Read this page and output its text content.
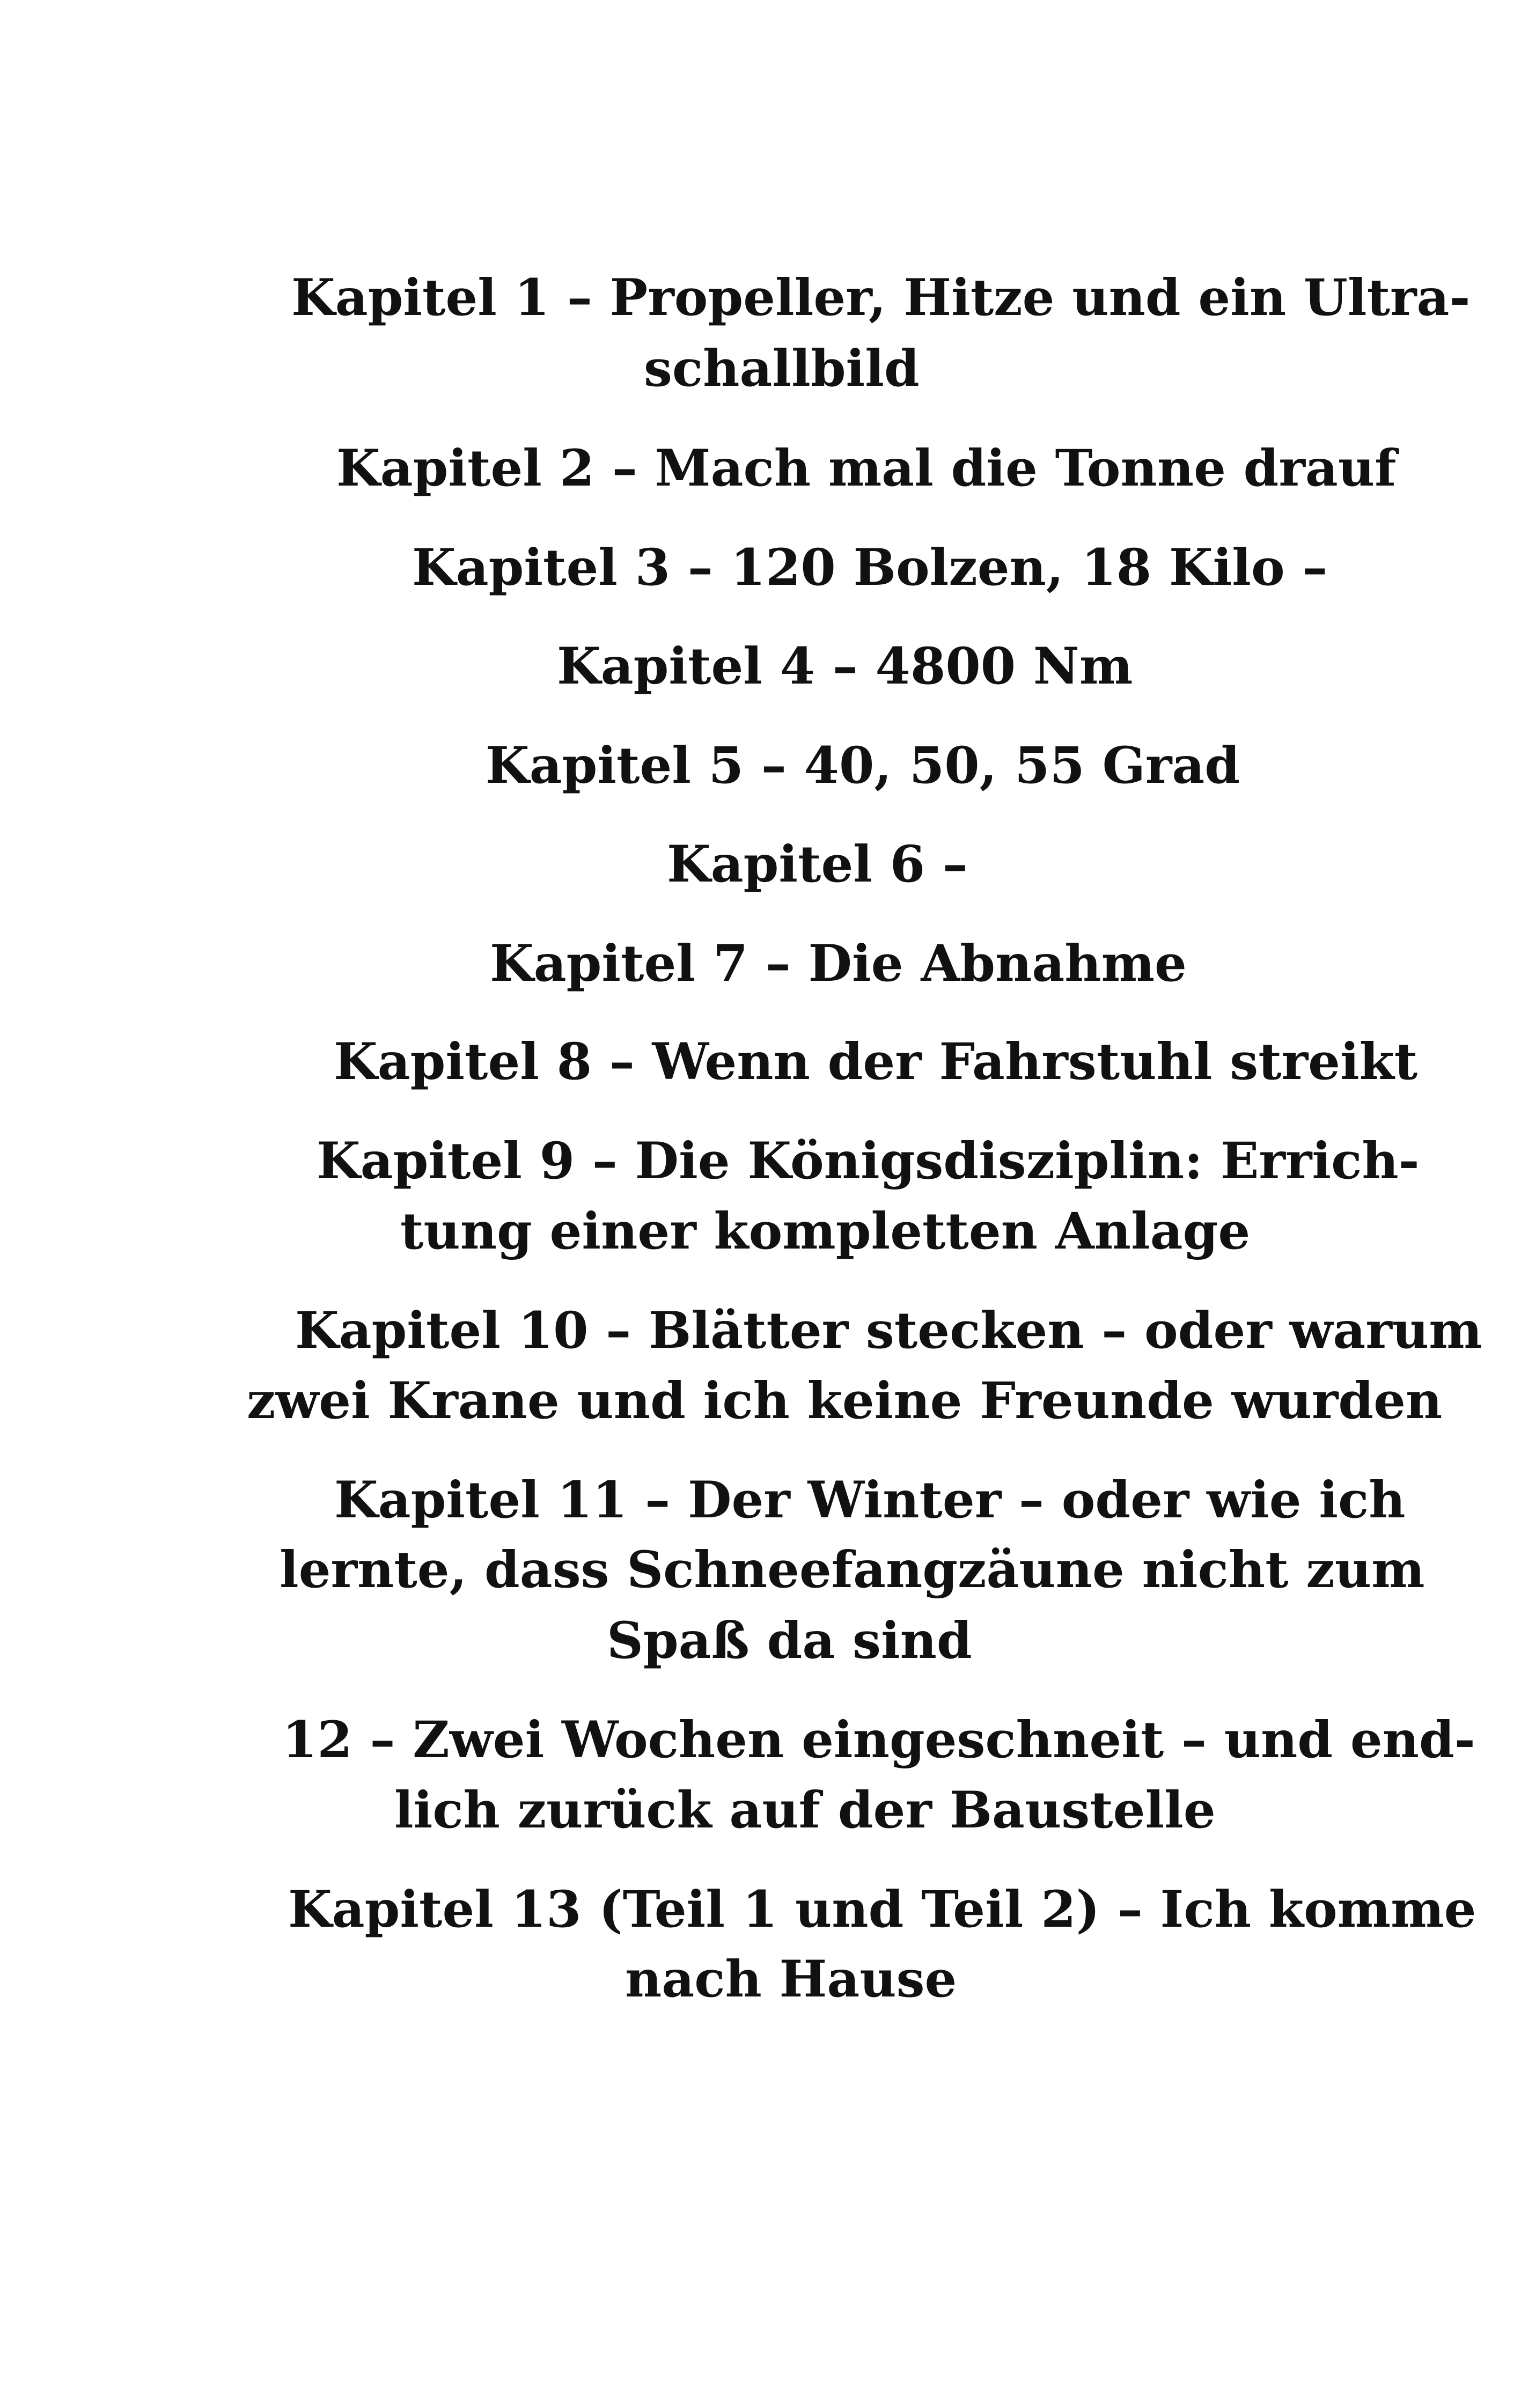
Kapitel 1 – Propeller, Hitze und ein Ultra-

schallbild

Kapitel 2 – Mach mal die Tonne drauf

Kapitel 3 – 120 Bolzen, 18 Kilo –

Kapitel 4 – 4800 Nm

Kapitel 5 – 40, 50, 55 Grad

Kapitel 6 –

Kapitel 7 – Die Abnahme

Kapitel 8 – Wenn der Fahrstuhl streikt

Kapitel 9 – Die Königsdisziplin: Errich-

tung einer kompletten Anlage

Kapitel 10 – Blätter stecken – oder warum

zwei Krane und ich keine Freunde wurden

Kapitel 11 – Der Winter – oder wie ich

lernte, dass Schneefangzäune nicht zum

Spaß da sind

12 – Zwei Wochen eingeschneit – und end-

lich zurück auf der Baustelle

Kapitel 13 (Teil 1 und Teil 2) – Ich komme

nach Hause
